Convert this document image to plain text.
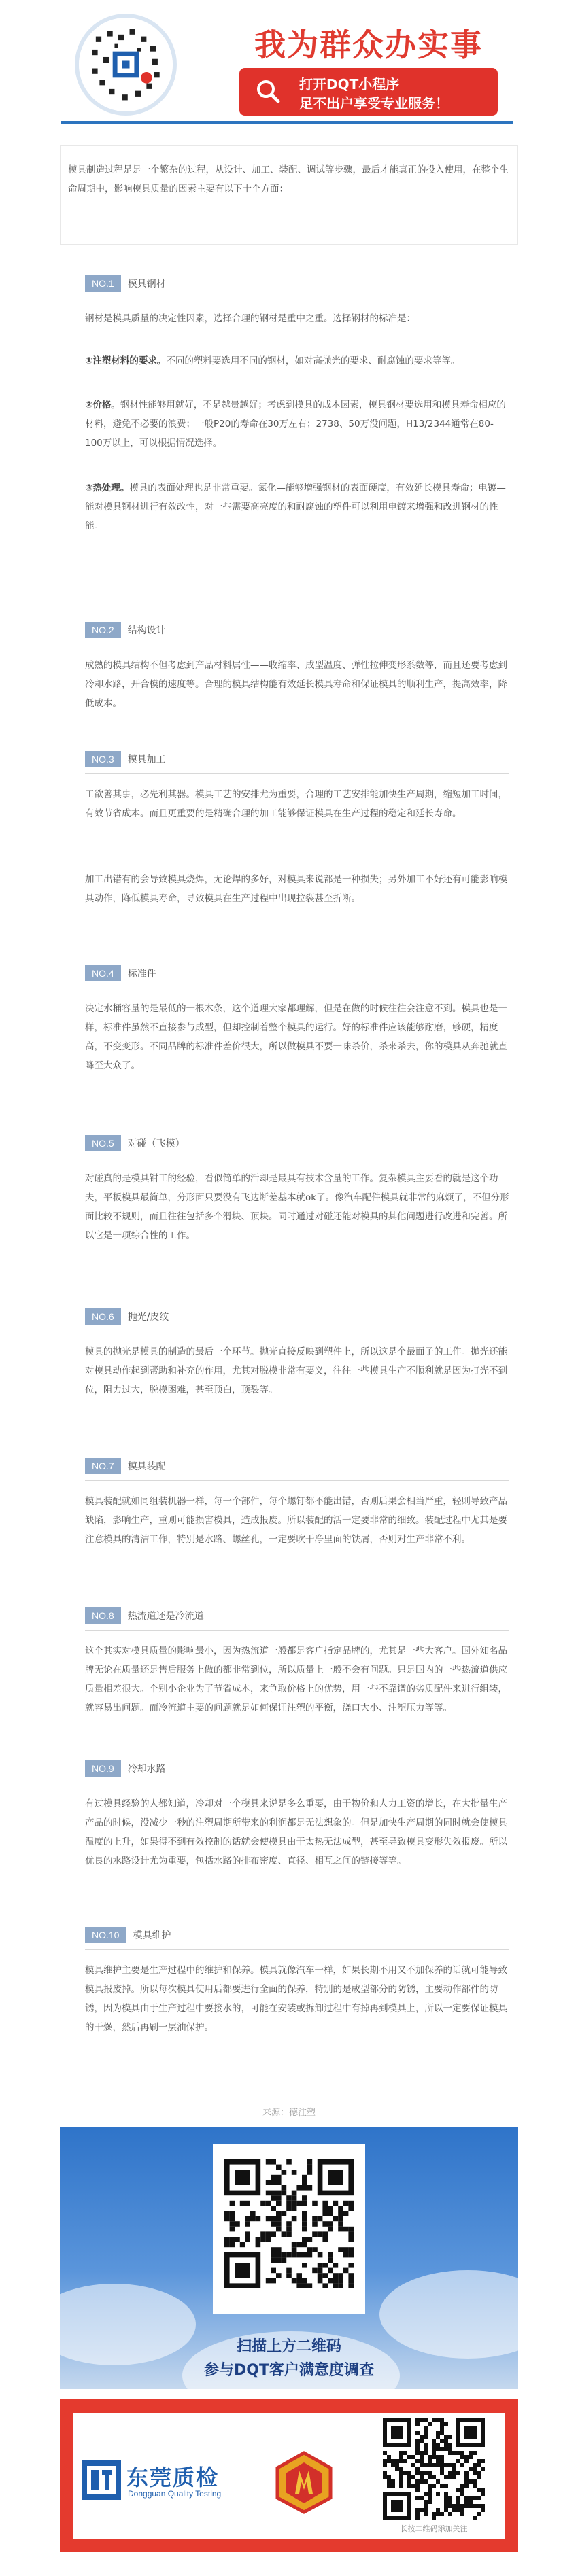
我为群众办实事
打开DQT小程序
足不出户享受专业服务！
模具制造过程是是一个繁杂的过程，从设计、加工、装配、调试等步骤，最后才能真正的投入使用，在整个生命周期中，影响模具质量的因素主要有以下十个方面：
NO.1	模具钢材
钢材是模具质量的决定性因素，选择合理的钢材是重中之重。选择钢材的标准是：
①注塑材料的要求。不同的塑料要选用不同的钢材，如对高抛光的要求、耐腐蚀的要求等等。
②价格。钢材性能够用就好，不是越贵越好；考虑到模具的成本因素，模具钢材要选用和模具寿命相应的材料，避免不必要的浪费；一般P20的寿命在30万左右；2738、50万没问题，H13/2344通常在80-100万以上，可以根据情况选择。
③热处理。模具的表面处理也是非常重要。氮化—能够增强钢材的表面硬度，有效延长模具寿命；电镀—能对模具钢材进行有效改性，对一些需要高亮度的和耐腐蚀的塑件可以利用电镀来增强和改进钢材的性能。
NO.2	结构设计
成熟的模具结构不但考虑到产品材料属性——收缩率、成型温度、弹性拉伸变形系数等，而且还要考虑到冷却水路，开合模的速度等。合理的模具结构能有效延长模具寿命和保证模具的顺利生产，提高效率，降低成本。
NO.3	模具加工
工欲善其事，必先利其器。模具工艺的安排尤为重要，合理的工艺安排能加快生产周期，缩短加工时间，有效节省成本。而且更重要的是精确合理的加工能够保证模具在生产过程的稳定和延长寿命。
加工出错有的会导致模具烧焊，无论焊的多好，对模具来说都是一种损失；另外加工不好还有可能影响模具动作，降低模具寿命，导致模具在生产过程中出现拉裂甚至折断。
NO.4	标准件
决定水桶容量的是最低的一根木条，这个道理大家都理解，但是在做的时候往往会注意不到。模具也是一样，标准件虽然不直接参与成型，但却控制着整个模具的运行。好的标准件应该能够耐磨，够硬，精度高，不变变形。不同品牌的标准件差价很大，所以做模具不要一味杀价，杀来杀去，你的模具从奔驰就直降至大众了。
NO.5	对碰（飞模）
对碰真的是模具钳工的经验，看似简单的活却是最具有技术含量的工作。复杂模具主要看的就是这个功夫，平板模具最简单，分形面只要没有飞边断差基本就ok了。像汽车配件模具就非常的麻烦了，不但分形面比较不规则，而且往往包括多个滑块、顶块。同时通过对碰还能对模具的其他问题进行改进和完善。所以它是一项综合性的工作。
NO.6	抛光/皮纹
模具的抛光是模具的制造的最后一个环节。抛光直接反映到塑件上，所以这是个最面子的工作。抛光还能对模具动作起到帮助和补充的作用，尤其对脱模非常有要义，往往一些模具生产不顺利就是因为打光不到位，阻力过大，脱模困难，甚至顶白，顶裂等。
NO.7	模具装配
模具装配就如同组装机器一样，每一个部件，每个螺钉都不能出错，否则后果会相当严重，轻则导致产品缺陷，影响生产，重则可能损害模具，造成报废。所以装配的活一定要非常的细致。装配过程中尤其是要注意模具的清洁工作，特别是水路、螺丝孔，一定要吹干净里面的铁屑，否则对生产非常不利。
NO.8	热流道还是冷流道
这个其实对模具质量的影响最小，因为热流道一般都是客户指定品牌的，尤其是一些大客户。国外知名品牌无论在质量还是售后服务上做的都非常到位，所以质量上一般不会有问题。只是国内的一些热流道供应质量相差很大。个别小企业为了节省成本，来争取价格上的优势，用一些不靠谱的劣质配件来进行组装，就容易出问题。而冷流道主要的问题就是如何保证注塑的平衡，浇口大小、注塑压力等等。
NO.9	冷却水路
有过模具经验的人都知道，冷却对一个模具来说是多么重要，由于物价和人力工资的增长，在大批量生产产品的时候，没减少一秒的注塑周期所带来的利润都是无法想象的。但是加快生产周期的同时就会使模具温度的上升，如果得不到有效控制的话就会使模具由于太热无法成型，甚至导致模具变形失效报废。所以优良的水路设计尤为重要，包括水路的排布密度、直径、相互之间的链接等等。
NO.10	模具维护
模具维护主要是生产过程中的维护和保养。模具就像汽车一样，如果长期不用又不加保养的话就可能导致模具报废掉。所以每次模具使用后都要进行全面的保养，特别的是成型部分的防锈，主要动作部件的防锈，因为模具由于生产过程中要接水的，可能在安装或拆卸过程中有掉再到模具上，所以一定要保证模具的干燥，然后再刷一层油保护。
来源：德注塑
扫描上方二维码
参与DQT客户满意度调查
东莞质检
Dongguan Quality Testing
长按二维码添加关注
